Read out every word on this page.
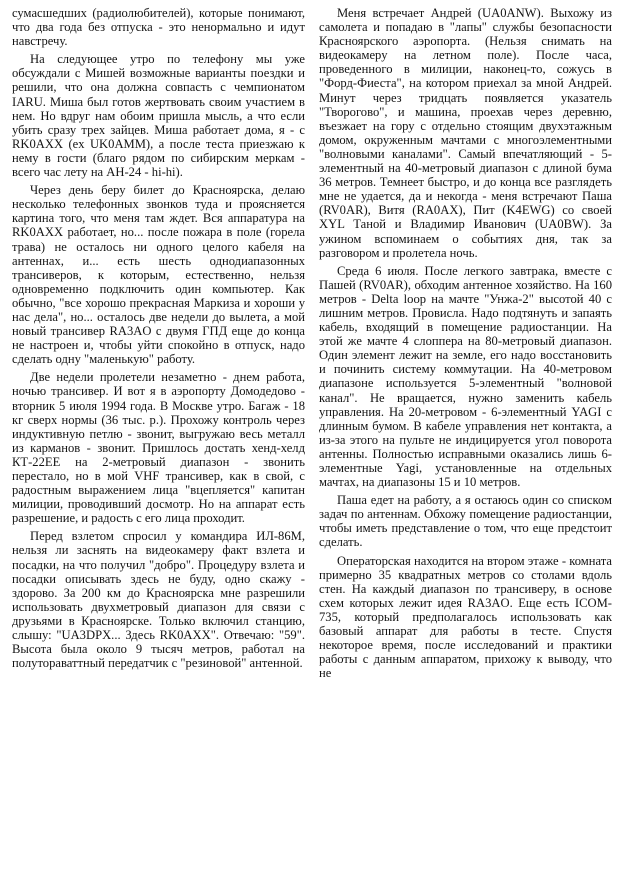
сумасшедших (радиолюбителей), которые понимают, что два года без отпуска - это ненормально и идут навстречу.

На следующее утро по телефону мы уже обсуждали с Мишей возможные варианты поездки и решили, что она должна совпасть с чемпионатом IARU. Миша был готов жертвовать своим участием в нем. Но вдруг нам обоим пришла мысль, а что если убить сразу трех зайцев. Миша работает дома, я - с RK0AXX (ex UK0AMM), а после теста приезжаю к нему в гости (благо рядом по сибирским меркам - всего час лету на АН-24 - hi-hi).

Через день беру билет до Красноярска, делаю несколько телефонных звонков туда и проясняется картина того, что меня там ждет. Вся аппаратура на RK0AXX работает, но... после пожара в поле (горела трава) не осталось ни одного целого кабеля на антеннах, и... есть шесть однодиапазонных трансиверов, к которым, естественно, нельзя одновременно подключить один компьютер. Как обычно, "все хорошо прекрасная Маркиза и хороши у нас дела", но... осталось две недели до вылета, а мой новый трансивер RA3AO с двумя ГПД еще до конца не настроен и, чтобы уйти спокойно в отпуск, надо сделать одну "маленькую" работу.

Две недели пролетели незаметно - днем работа, ночью трансивер. И вот я в аэропорту Домодедово - вторник 5 июля 1994 года. В Москве утро. Багаж - 18 кг сверх нормы (36 тыс. р.). Прохожу контроль через индуктивную петлю - звонит, выгружаю весь металл из карманов - звонит. Пришлось достать хенд-хелд КТ-22ЕЕ на 2-метровый диапазон - звонить перестало, но в мой VHF трансивер, как в свой, с радостным выражением лица "вцепляется" капитан милиции, проводивший досмотр. Но на аппарат есть разрешение, и радость с его лица проходит.

Перед взлетом спросил у командира ИЛ-86М, нельзя ли заснять на видеокамеру факт взлета и посадки, на что получил "добро". Процедуру взлета и посадки описывать здесь не буду, одно скажу - здорово. За 200 км до Красноярска мне разрешили использовать двухметровый диапазон для связи с друзьями в Красноярске. Только включил станцию, слышу: "UA3DPX... Здесь RK0AXX". Отвечаю: "59". Высота была около 9 тысяч метров, работал на полутораваттный передатчик с "резиновой" антенной.

Меня встречает Андрей (UA0ANW). Выхожу из самолета и попадаю в "лапы" службы безопасности Красноярского аэропорта. (Нельзя снимать на видеокамеру на летном поле). После часа, проведенного в милиции, наконец-то, сожусь в "Форд-Фиеста", на котором приехал за мной Андрей. Минут через тридцать появляется указатель "Творогово", и машина, проехав через деревню, въезжает на гору с отдельно стоящим двухэтажным домом, окруженным мачтами с многоэлементными "волновыми каналами". Самый впечатляющий - 5-элементный на 40-метровый диапазон с длиной бума 36 метров. Темнеет быстро, и до конца все разглядеть мне не удается, да и некогда - меня встречают Паша (RV0AR), Витя (RA0AX), Пит (K4EWG) со своей XYL Таной и Владимир Иванович (UA0BW). За ужином вспоминаем о событиях дня, так за разговором и пролетела ночь.

Среда 6 июля. После легкого завтрака, вместе с Пашей (RV0AR), обходим антенное хозяйство. На 160 метров - Delta loop на мачте "Унжа-2" высотой 40 с лишним метров. Провисла. Надо подтянуть и запаять кабель, входящий в помещение радиостанции. На этой же мачте 4 слоппера на 80-метровый диапазон. Один элемент лежит на земле, его надо восстановить и починить систему коммутации. На 40-метровом диапазоне используется 5-элементный "волновой канал". Не вращается, нужно заменить кабель управления. На 20-метровом - 6-элементный YAGI с длинным бумом. В кабеле управления нет контакта, а из-за этого на пульте не индицируется угол поворота антенны. Полностью исправными оказались лишь 6-элементные Yagi, установленные на отдельных мачтах, на диапазоны 15 и 10 метров.

Паша едет на работу, а я остаюсь один со списком задач по антеннам. Обхожу помещение радиостанции, чтобы иметь представление о том, что еще предстоит сделать.

Операторская находится на втором этаже - комната примерно 35 квадратных метров со столами вдоль стен. На каждый диапазон по трансиверу, в основе схем которых лежит идея RA3AO. Еще есть ICOM-735, который предполагалось использовать как базовый аппарат для работы в тесте. Спустя некоторое время, после исследований и практики работы с данным аппаратом, прихожу к выводу, что не
